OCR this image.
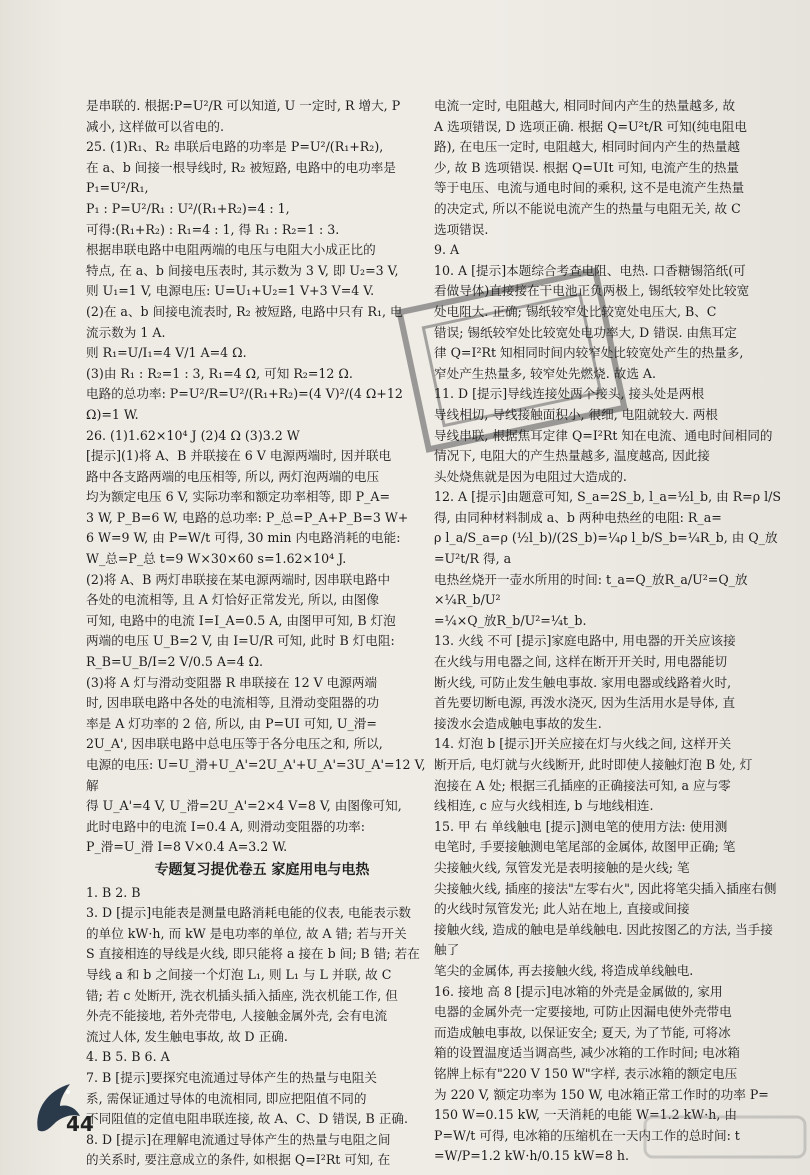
是串联的. 根据:P=U²/R 可以知道, U 一定时, R 增大, P
减小, 这样做可以省电的.
25. (1)R₁、R₂ 串联后电路的功率是 P=U²/(R₁+R₂),
在 a、b 间接一根导线时, R₂ 被短路, 电路中的电功率是
P₁=U²/R₁,
P₁ : P=U²/R₁ : U²/(R₁+R₂)=4 : 1,
可得:(R₁+R₂) : R₁=4 : 1, 得 R₁ : R₂=1 : 3.
根据串联电路中电阻两端的电压与电阻大小成正比的
特点, 在 a、b 间接电压表时, 其示数为 3 V, 即 U₂=3 V,
则 U₁=1 V, 电源电压: U=U₁+U₂=1 V+3 V=4 V.
(2)在 a、b 间接电流表时, R₂ 被短路, 电路中只有 R₁, 电
流示数为 1 A.
则 R₁=U/I₁=4 V/1 A=4 Ω.
(3)由 R₁ : R₂=1 : 3, R₁=4 Ω, 可知 R₂=12 Ω.
电路的总功率: P=U²/R=U²/(R₁+R₂)=(4 V)²/(4 Ω+12 Ω)=1 W.
26. (1)1.62×10⁴ J (2)4 Ω (3)3.2 W
[提示](1)将 A、B 并联接在 6 V 电源两端时, 因并联电
路中各支路两端的电压相等, 所以, 两灯泡两端的电压
均为额定电压 6 V, 实际功率和额定功率相等, 即 P_A=
3 W, P_B=6 W, 电路的总功率: P_总=P_A+P_B=3 W+
6 W=9 W, 由 P=W/t 可得, 30 min 内电路消耗的电能:
W_总=P_总 t=9 W×30×60 s=1.62×10⁴ J.
(2)将 A、B 两灯串联接在某电源两端时, 因串联电路中
各处的电流相等, 且 A 灯恰好正常发光, 所以, 由图像
可知, 电路中的电流 I=I_A=0.5 A, 由图甲可知, B 灯泡
两端的电压 U_B=2 V, 由 I=U/R 可知, 此时 B 灯电阻:
R_B=U_B/I=2 V/0.5 A=4 Ω.
(3)将 A 灯与滑动变阻器 R 串联接在 12 V 电源两端
时, 因串联电路中各处的电流相等, 且滑动变阻器的功
率是 A 灯功率的 2 倍, 所以, 由 P=UI 可知, U_滑=
2U_A', 因串联电路中总电压等于各分电压之和, 所以,
电源的电压: U=U_滑+U_A'=2U_A'+U_A'=3U_A'=12 V, 解
得 U_A'=4 V, U_滑=2U_A'=2×4 V=8 V, 由图像可知,
此时电路中的电流 I=0.4 A, 则滑动变阻器的功率:
P_滑=U_滑 I=8 V×0.4 A=3.2 W.
专题复习提优卷五 家庭用电与电热
1. B 2. B
3. D [提示]电能表是测量电路消耗电能的仪表, 电能表示数
的单位 kW·h, 而 kW 是电功率的单位, 故 A 错; 若与开关
S 直接相连的导线是火线, 即只能将 a 接在 b 间; B 错; 若在
导线 a 和 b 之间接一个灯泡 L₁, 则 L₁ 与 L 并联, 故 C
错; 若 c 处断开, 洗衣机插头插入插座, 洗衣机能工作, 但
外壳不能接地, 若外壳带电, 人接触金属外壳, 会有电流
流过人体, 发生触电事故, 故 D 正确.
4. B 5. B 6. A
7. B [提示]要探究电流通过导体产生的热量与电阻关
系, 需保证通过导体的电流相同, 即应把阻值不同的
不同阻值的定值电阻串联连接, 故 A、C、D 错误, B 正确.
8. D [提示]在理解电流通过导体产生的热量与电阻之间
的关系时, 要注意成立的条件, 如根据 Q=I²Rt 可知, 在
电流一定时, 电阻越大, 相同时间内产生的热量越多, 故
A 选项错误, D 选项正确. 根据 Q=U²t/R 可知(纯电阻电
路), 在电压一定时, 电阻越大, 相同时间内产生的热量越
少, 故 B 选项错误. 根据 Q=UIt 可知, 电流产生的热量
等于电压、电流与通电时间的乘积, 这不是电流产生热量
的决定式, 所以不能说电流产生的热量与电阻无关, 故 C
选项错误.
9. A
10. A [提示]本题综合考查电阻、电热. 口香糖锡箔纸(可
看做导体)直接接在干电池正负两极上, 锡纸较窄处比较宽
处电阻大. 正确; 锡纸较窄处比较宽处电压大, B、C
错误; 锡纸较窄处比较宽处电功率大, D 错误. 由焦耳定
律 Q=I²Rt 知相同时间内较窄处比较宽处产生的热量多,
窄处产生热量多, 较窄处先燃烧. 故选 A.
11. D [提示]导线连接处两个接头, 接头处是两根
导线相切, 导线接触面积小, 很细, 电阻就较大. 两根
导线串联, 根据焦耳定律 Q=I²Rt 知在电流、通电时间相同的
情况下, 电阻大的产生热量越多, 温度越高, 因此接
头处烧焦就是因为电阻过大造成的.
12. A [提示]由题意可知, S_a=2S_b, l_a=½l_b, 由 R=ρ l/S
得, 由同种材料制成 a、b 两种电热丝的电阻: R_a=
ρ l_a/S_a=ρ (½l_b)/(2S_b)=¼ρ l_b/S_b=¼R_b, 由 Q_放=U²t/R 得, a
电热丝烧开一壶水所用的时间: t_a=Q_放R_a/U²=Q_放×¼R_b/U²
=¼×Q_放R_b/U²=¼t_b.
13. 火线 不可 [提示]家庭电路中, 用电器的开关应该接
在火线与用电器之间, 这样在断开开关时, 用电器能切
断火线, 可防止发生触电事故. 家用电器或线路着火时,
首先要切断电源, 再泼水浇灭, 因为生活用水是导体, 直
接泼水会造成触电事故的发生.
14. 灯泡 b [提示]开关应接在灯与火线之间, 这样开关
断开后, 电灯就与火线断开, 此时即使人接触灯泡 B 处, 灯
泡接在 A 处; 根据三孔插座的正确接法可知, a 应与零
线相连, c 应与火线相连, b 与地线相连.
15. 甲 右 单线触电 [提示]测电笔的使用方法: 使用测
电笔时, 手要接触测电笔尾部的金属体, 故图甲正确; 笔
尖接触火线, 氖管发光是表明接触的是火线; 笔
尖接触火线, 插座的接法"左零右火", 因此将笔尖插入插座右侧
的火线时氖管发光; 此人站在地上, 直接或间接
接触火线, 造成的触电是单线触电. 因此按图乙的方法, 当手接触了
笔尖的金属体, 再去接触火线, 将造成单线触电.
16. 接地 高 8 [提示]电冰箱的外壳是金属做的, 家用
电器的金属外壳一定要接地, 可防止因漏电使外壳带电
而造成触电事故, 以保证安全; 夏天, 为了节能, 可将冰
箱的设置温度适当调高些, 减少冰箱的工作时间; 电冰箱
铭牌上标有"220 V 150 W"字样, 表示冰箱的额定电压
为 220 V, 额定功率为 150 W, 电冰箱正常工作时的功率 P=
150 W=0.15 kW, 一天消耗的电能 W=1.2 kW·h, 由
P=W/t 可得, 电冰箱的压缩机在一天内工作的总时间: t
=W/P=1.2 kW·h/0.15 kW=8 h.
44
